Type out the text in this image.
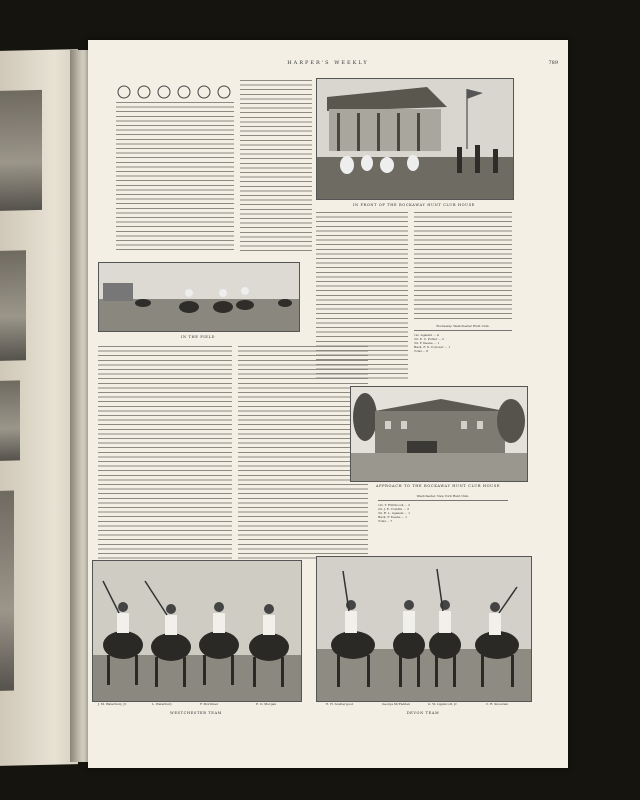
HARPER'S WEEKLY	789
IN FRONT OF THE ROCKAWAY HUNT CLUB HOUSE
IN THE FIELD
Rockaway. Westchester Hunt Club.
1st. Agassiz ... 4
2d. E. C. Potter ... 2
3d. F. Keene ... 1
Back. F. S. Conover ... 1
Total ... 8
APPROACH TO THE ROCKAWAY HUNT CLUB HOUSE
Westchester. New York Hunt Club.
1st. T. Hitchcock ... 2
2d. J. E. Cowdin ... 3
3d. R. L. Agassiz ... 1
Back. F. Keene ... 1
Total ... 7
J. M. Waterbury, Jr.	L. Waterbury	F. Mortimer	E. D. Morgan
WESTCHESTER TEAM
E. H. Scattergood	George McFadden	G. W. Lippincott, Jr.	C. R. Snowden
DEVON TEAM
